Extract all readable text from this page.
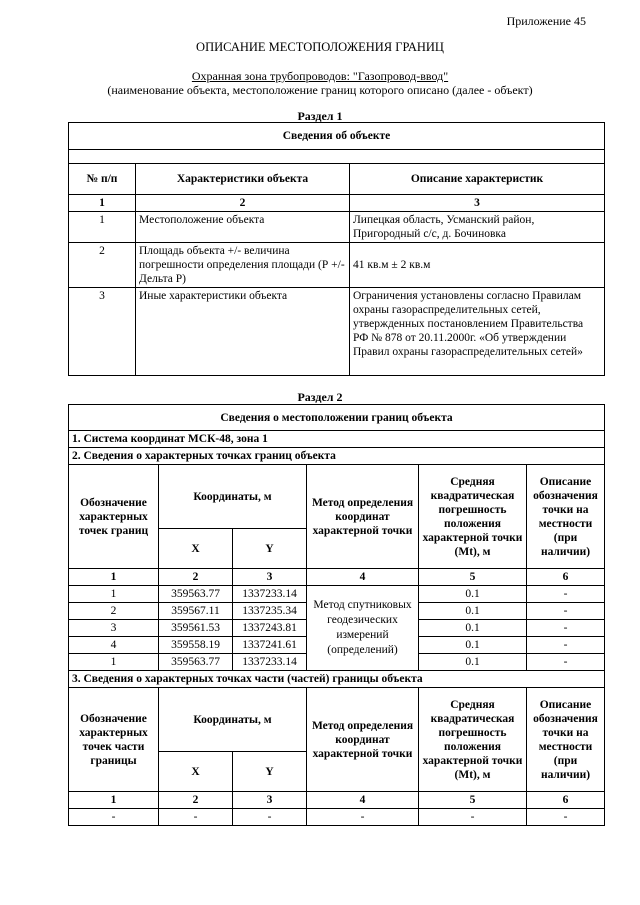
Приложение 45
ОПИСАНИЕ МЕСТОПОЛОЖЕНИЯ ГРАНИЦ
Охранная зона трубопроводов: "Газопровод-ввод"
(наименование объекта, местоположение границ которого описано (далее - объект)
Раздел 1
Сведения об объекте		

№ п/п	Характеристики объекта	Описание характеристик
1	2	3
1	Местоположение объекта	Липецкая область, Усманский район, Пригородный с/с, д. Бочиновка
2	Площадь объекта +/- величина погрешности определения площади (Р +/- Дельта Р)	41 кв.м ± 2 кв.м
3	Иные характеристики объекта	Ограничения установлены согласно Правилам охраны газораспределительных сетей, утвержденных постановлением Правительства РФ № 878 от 20.11.2000г. «Об утверждении Правил охраны газораспределительных сетей»
Раздел 2
Сведения о местоположении границ объекта					
1. Система координат МСК-48, зона 1					
2. Сведения о характерных точках границ объекта					
Обозначение характерных точек границ	Координаты, м		Метод определения координат характерной точки	Средняя квадратическая погрешность положения характерной точки (Mt), м	Описание обозначения точки на местности (при наличии)
	X	Y			
1	2	3	4	5	6
1	359563.77	1337233.14	Метод спутниковых геодезических измерений (определений)	0.1	-
2	359567.11	1337235.34		0.1	-
3	359561.53	1337243.81		0.1	-
4	359558.19	1337241.61		0.1	-
1	359563.77	1337233.14		0.1	-
3. Сведения о характерных точках части (частей) границы объекта					
Обозначение характерных точек части границы	Координаты, м		Метод определения координат характерной точки	Средняя квадратическая погрешность положения характерной точки (Mt), м	Описание обозначения точки на местности (при наличии)
	X	Y			
1	2	3	4	5	6
-	-	-	-	-	-
